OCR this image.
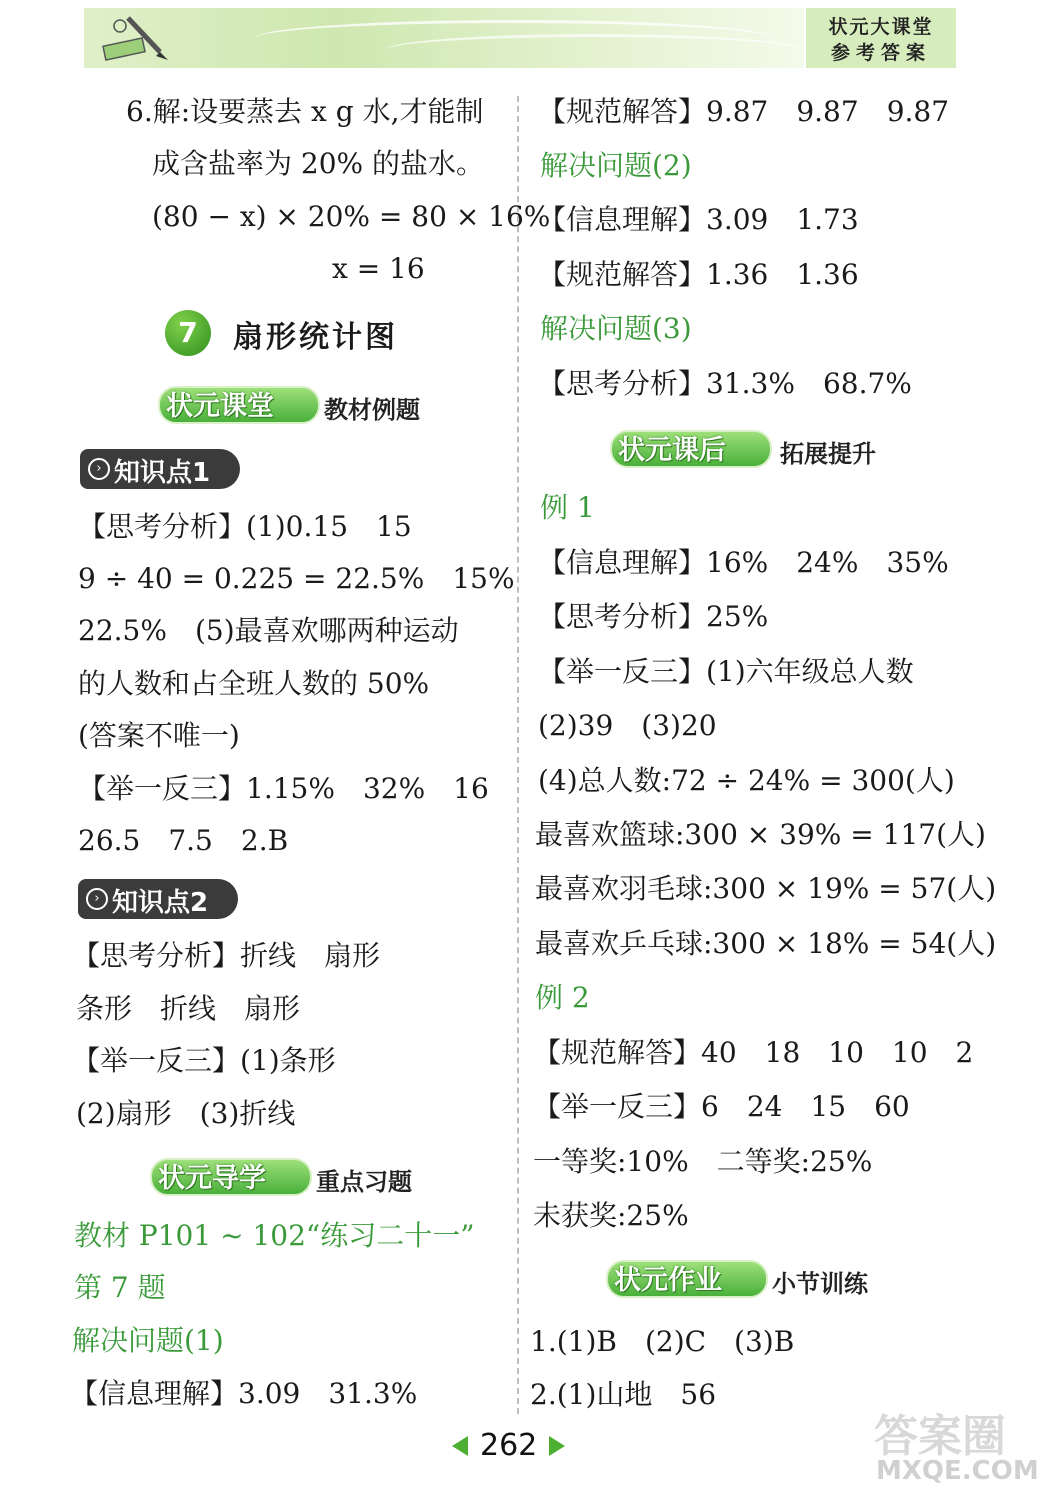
状元大课堂
参考答案
6.解:设要蒸去 x g 水,才能制
成含盐率为 20% 的盐水。
(80 − x) × 20% = 80 × 16%
x = 16
7	扇形统计图
状元课堂 教材例题
› 知识点1
【思考分析】(1)0.15　15
9 ÷ 40 = 0.225 = 22.5%　15%
22.5%　(5)最喜欢哪两种运动
的人数和占全班人数的 50%
(答案不唯一)
【举一反三】1.15%　32%　16
26.5　7.5　2.B
› 知识点2
【思考分析】折线　扇形
条形　折线　扇形
【举一反三】(1)条形
(2)扇形　(3)折线
状元导学 重点习题
教材 P101 ~ 102“练习二十一”
第 7 题
解决问题(1)
【信息理解】3.09　31.3%
【规范解答】9.87　9.87　9.87
解决问题(2)
【信息理解】3.09　1.73
【规范解答】1.36　1.36
解决问题(3)
【思考分析】31.3%　68.7%
状元课后 拓展提升
例 1
【信息理解】16%　24%　35%
【思考分析】25%
【举一反三】(1)六年级总人数
(2)39　(3)20
(4)总人数:72 ÷ 24% = 300(人)
最喜欢篮球:300 × 39% = 117(人)
最喜欢羽毛球:300 × 19% = 57(人)
最喜欢乒乓球:300 × 18% = 54(人)
例 2
【规范解答】40　18　10　10　2
【举一反三】6　24　15　60
一等奖:10%　二等奖:25%
未获奖:25%
状元作业 小节训练
1.(1)B　(2)C　(3)B
2.(1)山地　56
262	答案圈
MXQE.COM
